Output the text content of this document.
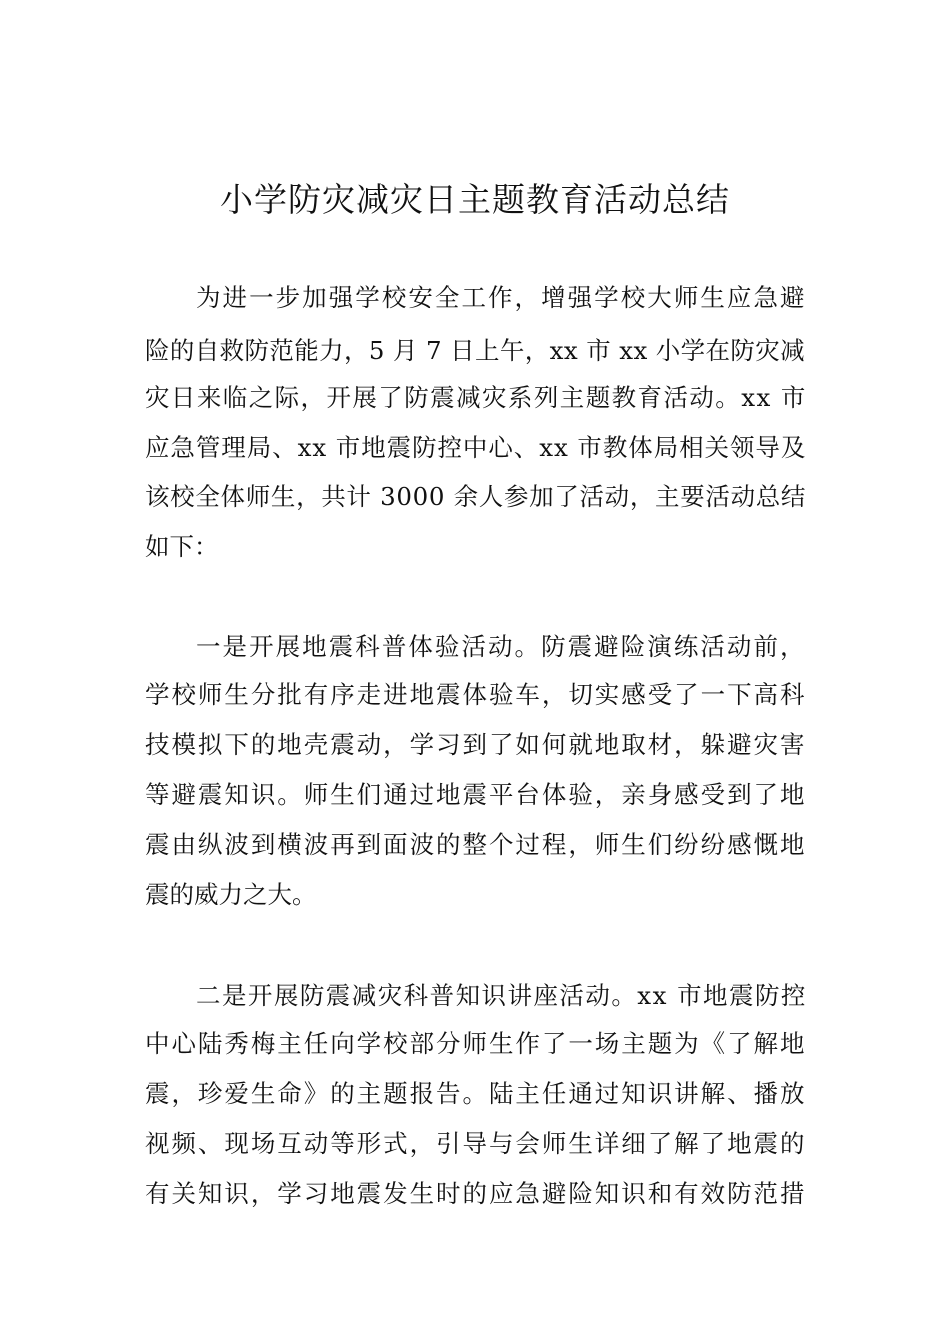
小学防灾减灾日主题教育活动总结
为进一步加强学校安全工作，增强学校大师生应急避
险的自救防范能力，5 月 7 日上午，xx 市 xx 小学在防灾减
灾日来临之际，开展了防震减灾系列主题教育活动。xx 市
应急管理局、xx 市地震防控中心、xx 市教体局相关领导及
该校全体师生，共计 3000 余人参加了活动，主要活动总结
如下：
一是开展地震科普体验活动。防震避险演练活动前，
学校师生分批有序走进地震体验车，切实感受了一下高科
技模拟下的地壳震动，学习到了如何就地取材，躲避灾害
等避震知识。师生们通过地震平台体验，亲身感受到了地
震由纵波到横波再到面波的整个过程，师生们纷纷感慨地
震的威力之大。
二是开展防震减灾科普知识讲座活动。xx 市地震防控
中心陆秀梅主任向学校部分师生作了一场主题为《了解地
震，珍爱生命》的主题报告。陆主任通过知识讲解、播放
视频、现场互动等形式，引导与会师生详细了解了地震的
有关知识，学习地震发生时的应急避险知识和有效防范措
